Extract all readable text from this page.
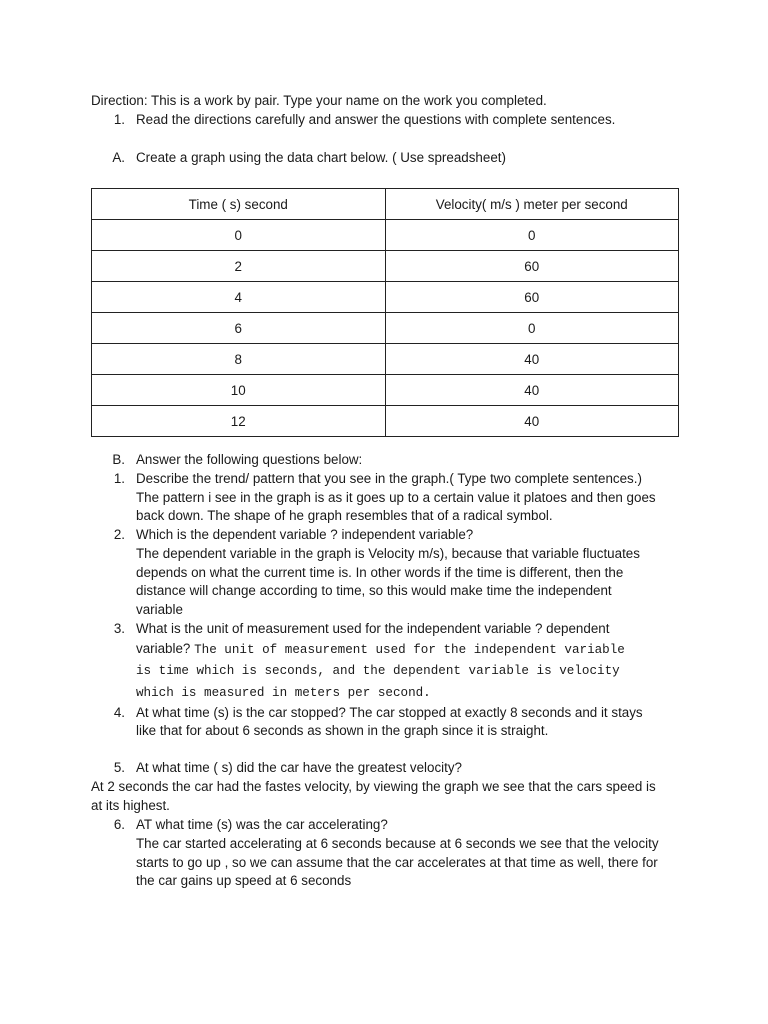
Direction: This is a work by pair. Type your name on the work you completed.
1. Read the directions carefully and answer the questions with complete sentences.
A. Create a graph using the data chart below. ( Use spreadsheet)
Time ( s) second	Velocity( m/s ) meter per second
0	0
2	60
4	60
6	0
8	40
10	40
12	40
B. Answer the following questions below:
1. Describe the trend/ pattern that you see in the graph.( Type two complete sentences.)
The pattern i see in the graph is as it goes up to a certain value it platoes and then goes
back down. The shape of he graph resembles that of a radical symbol.
2. Which is the dependent variable ? independent variable?
The dependent variable in the graph is Velocity m/s), because that variable fluctuates
depends on what the current time is. In other words if the time is different, then the
distance will change according to time, so this would make time the independent
variable
3. What is the unit of measurement used for the independent variable ? dependent
variable? The unit of measurement used for the independent variable
is time which is seconds, and the dependent variable is velocity
which is measured in meters per second.
4. At what time (s) is the car stopped? The car stopped at exactly 8 seconds and it stays
like that for about 6 seconds as shown in the graph since it is straight.
5. At what time ( s) did the car have the greatest velocity?
At 2 seconds the car had the fastes velocity, by viewing the graph we see that the cars speed is
at its highest.
6. AT what time (s) was the car accelerating?
The car started accelerating at 6 seconds because at 6 seconds we see that the velocity
starts to go up , so we can assume that the car accelerates at that time as well, there for
the car gains up speed at 6 seconds
